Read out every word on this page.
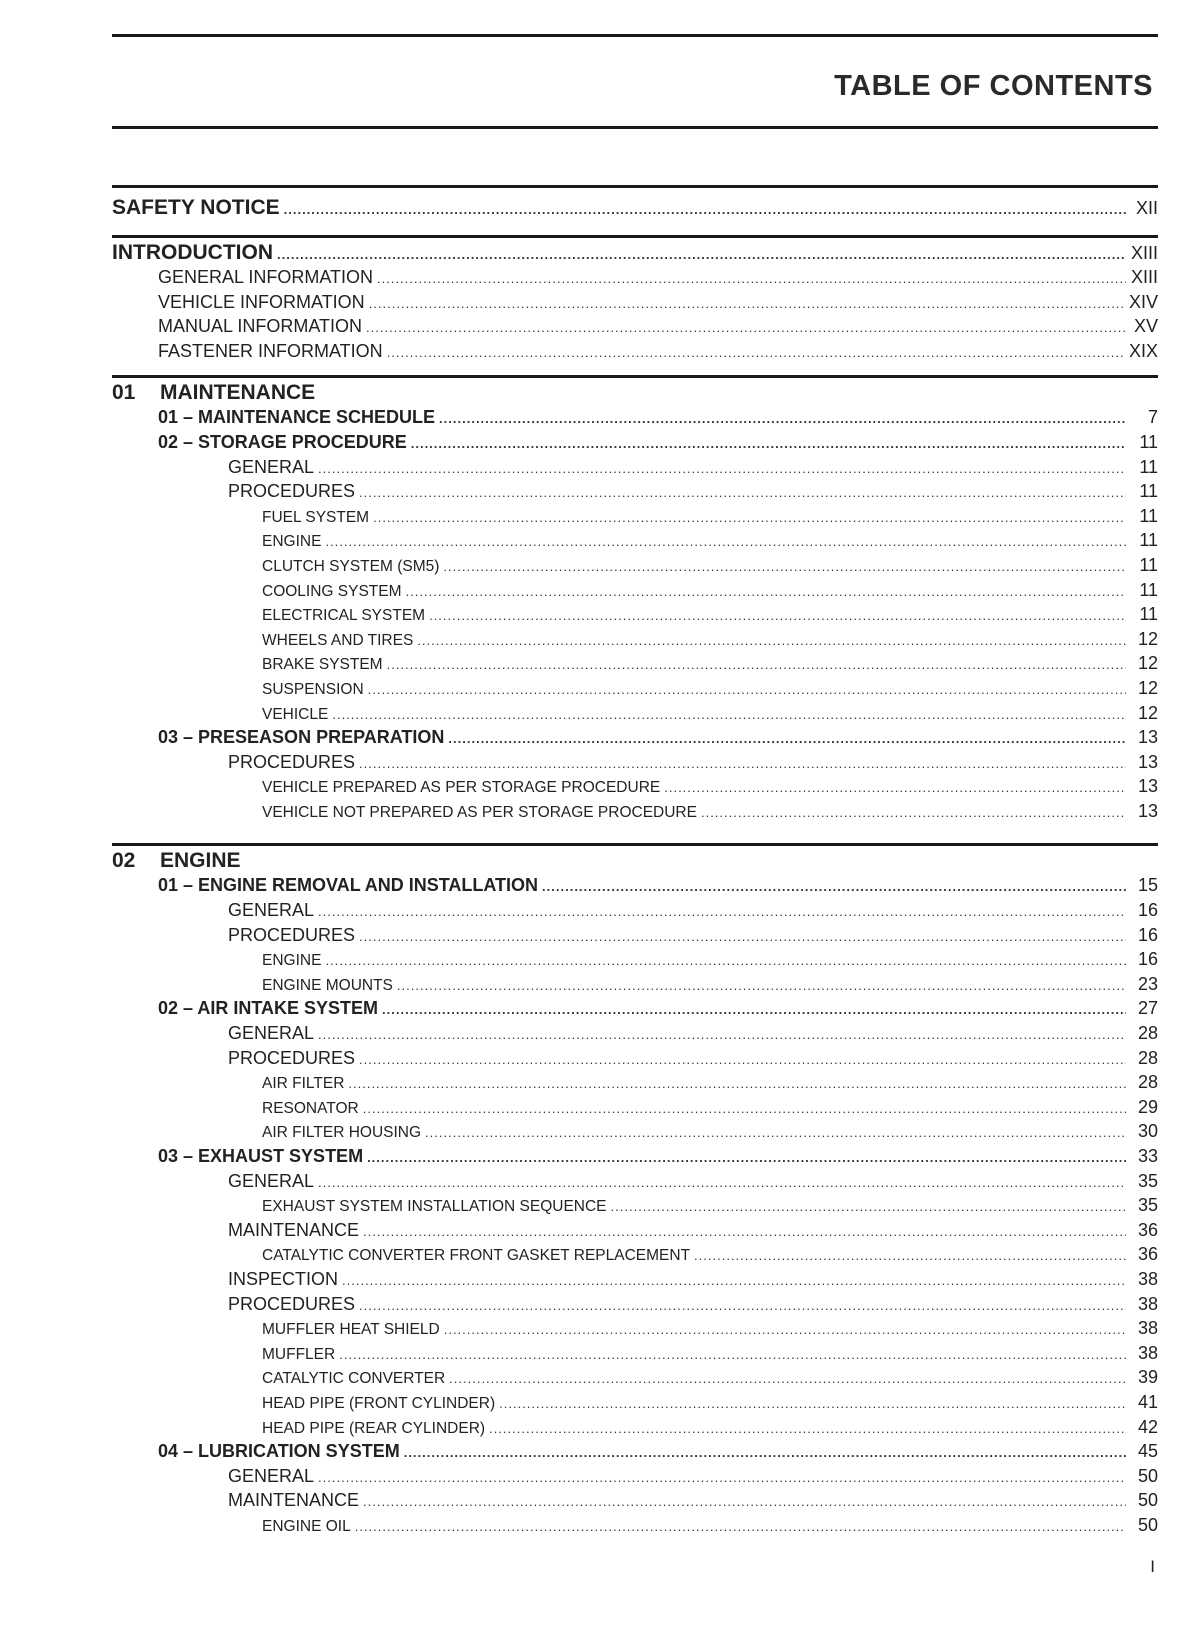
TABLE OF CONTENTS
SAFETY NOTICE .....	XII
INTRODUCTION .....	XIII
GENERAL INFORMATION .....	XIII
VEHICLE INFORMATION .....	XIV
MANUAL INFORMATION .....	XV
FASTENER INFORMATION .....	XIX
01	MAINTENANCE
01 – MAINTENANCE SCHEDULE .....	7
02 – STORAGE PROCEDURE .....	11
GENERAL .....	11
PROCEDURES .....	11
FUEL SYSTEM .....	11
ENGINE .....	11
CLUTCH SYSTEM (SM5) .....	11
COOLING SYSTEM .....	11
ELECTRICAL SYSTEM .....	11
WHEELS AND TIRES .....	12
BRAKE SYSTEM .....	12
SUSPENSION .....	12
VEHICLE .....	12
03 – PRESEASON PREPARATION .....	13
PROCEDURES .....	13
VEHICLE PREPARED AS PER STORAGE PROCEDURE .....	13
VEHICLE NOT PREPARED AS PER STORAGE PROCEDURE .....	13
02	ENGINE
01 – ENGINE REMOVAL AND INSTALLATION .....	15
GENERAL .....	16
PROCEDURES .....	16
ENGINE .....	16
ENGINE MOUNTS .....	23
02 – AIR INTAKE SYSTEM .....	27
GENERAL .....	28
PROCEDURES .....	28
AIR FILTER .....	28
RESONATOR .....	29
AIR FILTER HOUSING .....	30
03 – EXHAUST SYSTEM .....	33
GENERAL .....	35
EXHAUST SYSTEM INSTALLATION SEQUENCE .....	35
MAINTENANCE .....	36
CATALYTIC CONVERTER FRONT GASKET REPLACEMENT .....	36
INSPECTION .....	38
PROCEDURES .....	38
MUFFLER HEAT SHIELD .....	38
MUFFLER .....	38
CATALYTIC CONVERTER .....	39
HEAD PIPE (FRONT CYLINDER) .....	41
HEAD PIPE (REAR CYLINDER) .....	42
04 – LUBRICATION SYSTEM .....	45
GENERAL .....	50
MAINTENANCE .....	50
ENGINE OIL .....	50
I
